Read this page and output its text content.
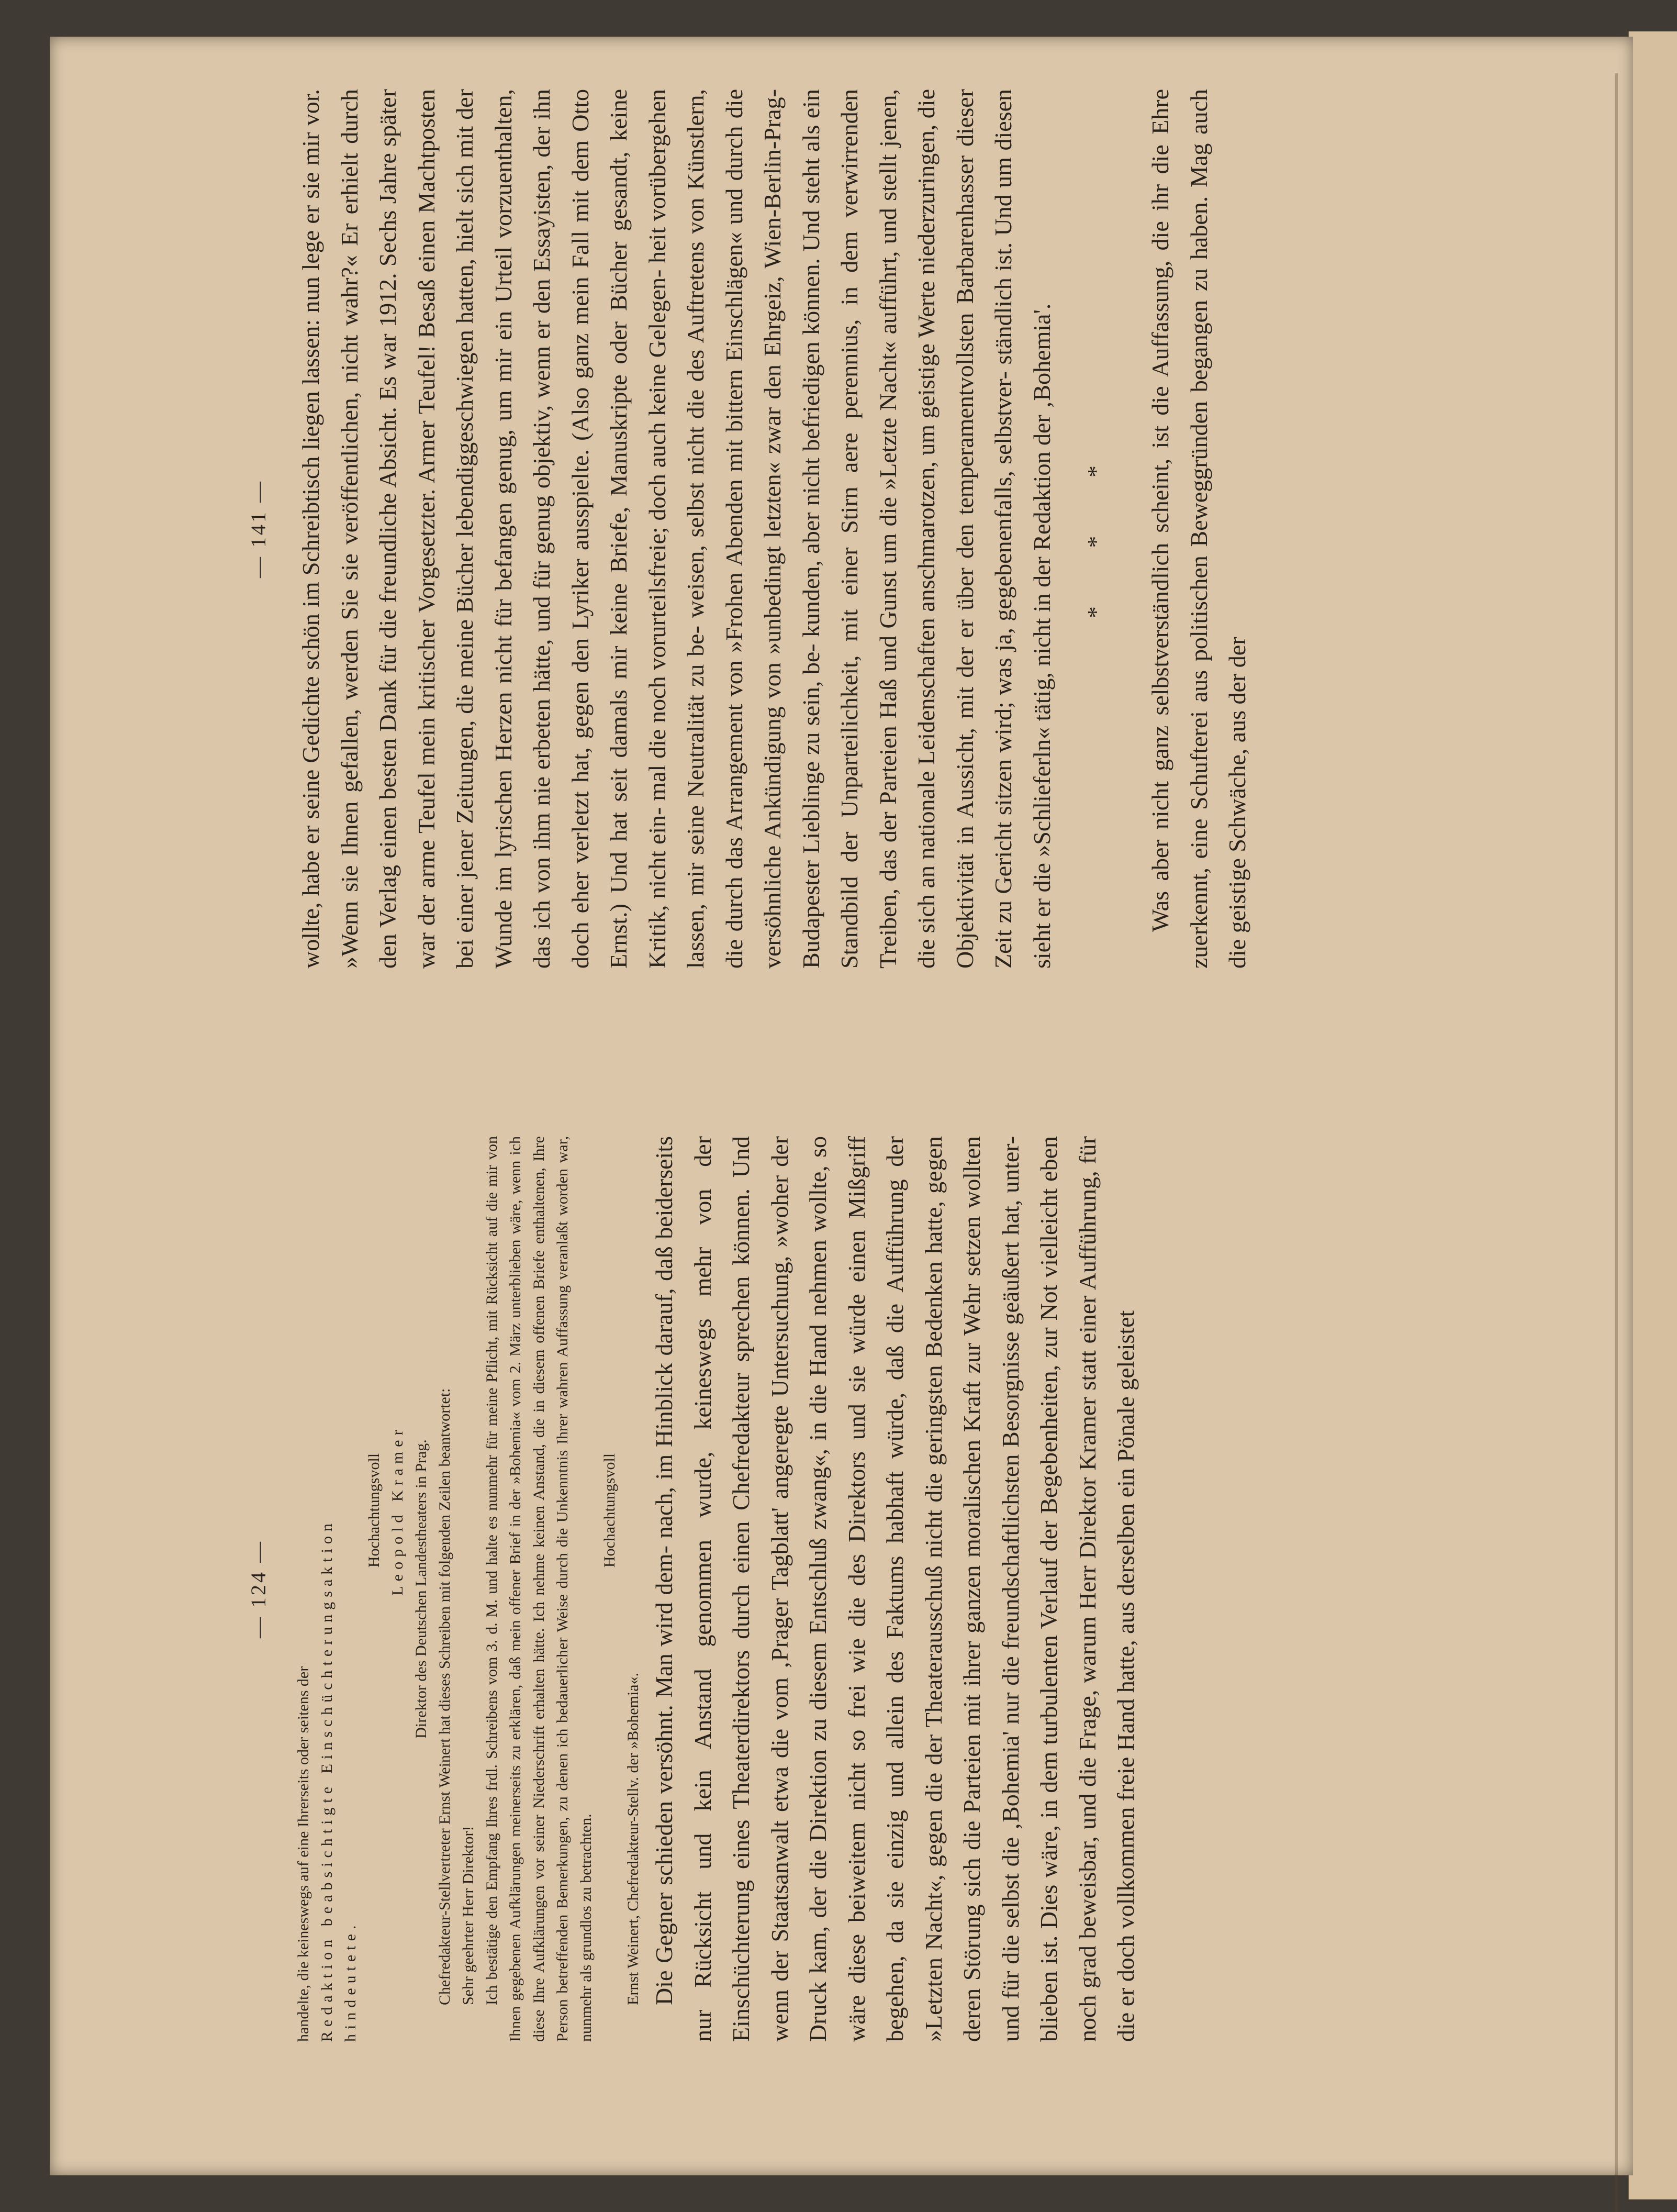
— 124 —

handelte, die keineswegs auf eine Ihrerseits oder seitens der Redaktion beabsichtigte Einschüchterungsaktion hindeutete.

Hochachtungsvoll Leopold Kramer Direktor des Deutschen Landestheaters in Prag. Chefredakteur-Stellvertreter Ernst Weinert hat dieses Schreiben mit folgenden Zeilen beantwortet: Sehr geehrter Herr Direktor! Ich bestätige den Empfang Ihres frdl. Schreibens vom 3. d. M. und halte es nunmehr für meine Pflicht, mit Rücksicht auf die mir von Ihnen gegebenen Aufklärungen meinerseits zu erklären, daß mein offener Brief in der »Bohemia« vom 2. März unterblieben wäre, wenn ich diese Ihre Aufklärungen vor seiner Niederschrift erhalten hätte. Ich nehme keinen Anstand, die in diesem offenen Briefe enthaltenen, Ihre Person betreffenden Bemerkungen, zu denen ich bedauerlicher Weise durch die Unkenntnis Ihrer wahren Auffassung veranlaßt worden war, nunmehr als grundlos zu betrachten.

Hochachtungsvoll

Ernst Weinert, Chefredakteur-Stellv. der »Bohemia«. Die Gegner schieden versöhnt. Man wird dem- nach, im Hinblick darauf, daß beiderseits nur Rücksicht und kein Anstand genommen wurde, keineswegs mehr von der Einschüchterung eines Theaterdirektors durch einen Chefredakteur sprechen können. Und wenn der Staatsanwalt etwa die vom ‚Prager Tagblatt' angeregte Untersuchung, »woher der Druck kam, der die Direktion zu diesem Entschluß zwang«, in die Hand nehmen wollte, so wäre diese beiweitem nicht so frei wie die des Direktors und sie würde einen Mißgriff begehen, da sie einzig und allein des Faktums habhaft würde, daß die Aufführung der »Letzten Nacht«, gegen die der Theaterausschuß nicht die geringsten Bedenken hatte, gegen deren Störung sich die Parteien mit ihrer ganzen moralischen Kraft zur Wehr setzen wollten und für die selbst die ‚Bohemia' nur die freundschaftlichsten Besorgnisse geäußert hat, unter- blieben ist. Dies wäre, in dem turbulenten Verlauf der Begebenheiten, zur Not vielleicht eben noch grad beweisbar, und die Frage, warum Herr Direktor Kramer statt einer Aufführung, für die er doch vollkommen freie Hand hatte, aus derselben ein Pönale geleistet

— 141 — wollte, habe er seine Gedichte schön im Schreibtisch liegen lassen: nun lege er sie mir vor. »Wenn sie Ihnen gefallen, werden Sie sie veröffentlichen, nicht wahr?« Er erhielt durch den Verlag einen besten Dank für die freundliche Absicht. Es war 1912. Sechs Jahre später war der arme Teufel mein kritischer Vorgesetzter. Armer Teufel! Besaß einen Machtposten bei einer jener Zeitungen, die meine Bücher lebendiggeschwiegen hatten, hielt sich mit der Wunde im lyrischen Herzen nicht für befangen genug, um mir ein Urteil vorzuenthalten, das ich von ihm nie erbeten hätte, und für genug objektiv, wenn er den Essayisten, der ihn doch eher verletzt hat, gegen den Lyriker ausspielte. (Also ganz mein Fall mit dem Otto Ernst.) Und hat seit damals mir keine Briefe, Manuskripte oder Bücher gesandt, keine Kritik, nicht ein- mal die noch vorurteilsfreie; doch auch keine Gelegen- heit vorübergehen lassen, mir seine Neutralität zu be- weisen, selbst nicht die des Auftretens von Künstlern, die durch das Arrangement von »Frohen Abenden mit bittern Einschlägen« und durch die versöhnliche Ankündigung von »unbedingt letzten« zwar den Ehrgeiz, Wien-Berlin-Prag-Budapester Lieblinge zu sein, be- kunden, aber nicht befriedigen können. Und steht als ein Standbild der Unparteilichkeit, mit einer Stirn aere perennius, in dem verwirrenden Treiben, das der Parteien Haß und Gunst um die »Letzte Nacht« aufführt, und stellt jenen, die sich an nationale Leidenschaften anschmarotzen, um geistige Werte niederzuringen, die Objektivität in Aussicht, mit der er über den temperamentvollsten Barbarenhasser dieser Zeit zu Gericht sitzen wird; was ja, gegebenenfalls, selbstver- ständlich ist. Und um diesen sieht er die »Schlieferln« tätig, nicht in der Redaktion der ‚Bohemia'. * * * Was aber nicht ganz selbstverständlich scheint, ist die Auffassung, die ihr die Ehre zuerkennt, eine Schufterei aus politischen Beweggründen begangen zu haben. Mag auch die geistige Schwäche, aus der der
